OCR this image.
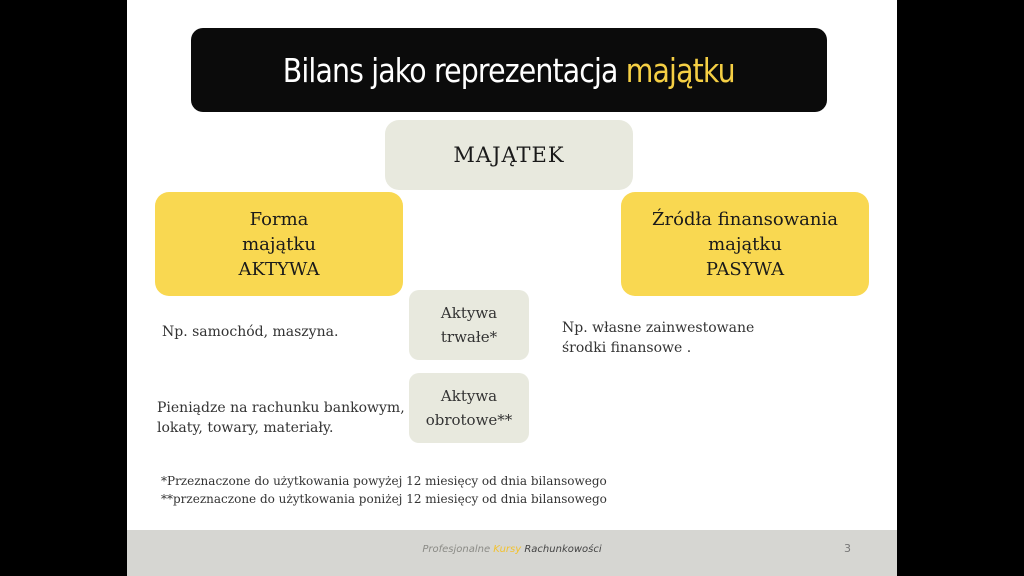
Bilans jako reprezentacja majątku
MAJĄTEK
Forma
majątku
AKTYWA
Źródła finansowania
majątku
PASYWA
Aktywa
trwałe*
Aktywa
obrotowe**
Np. samochód, maszyna.
Pieniądze na rachunku bankowym,
lokaty, towary, materiały.
Np. własne zainwestowane
środki finansowe .
*Przeznaczone do użytkowania powyżej 12 miesięcy od dnia bilansowego
**przeznaczone do użytkowania poniżej 12 miesięcy od dnia bilansowego
Profesjonalne Kursy Rachunkowości	3
